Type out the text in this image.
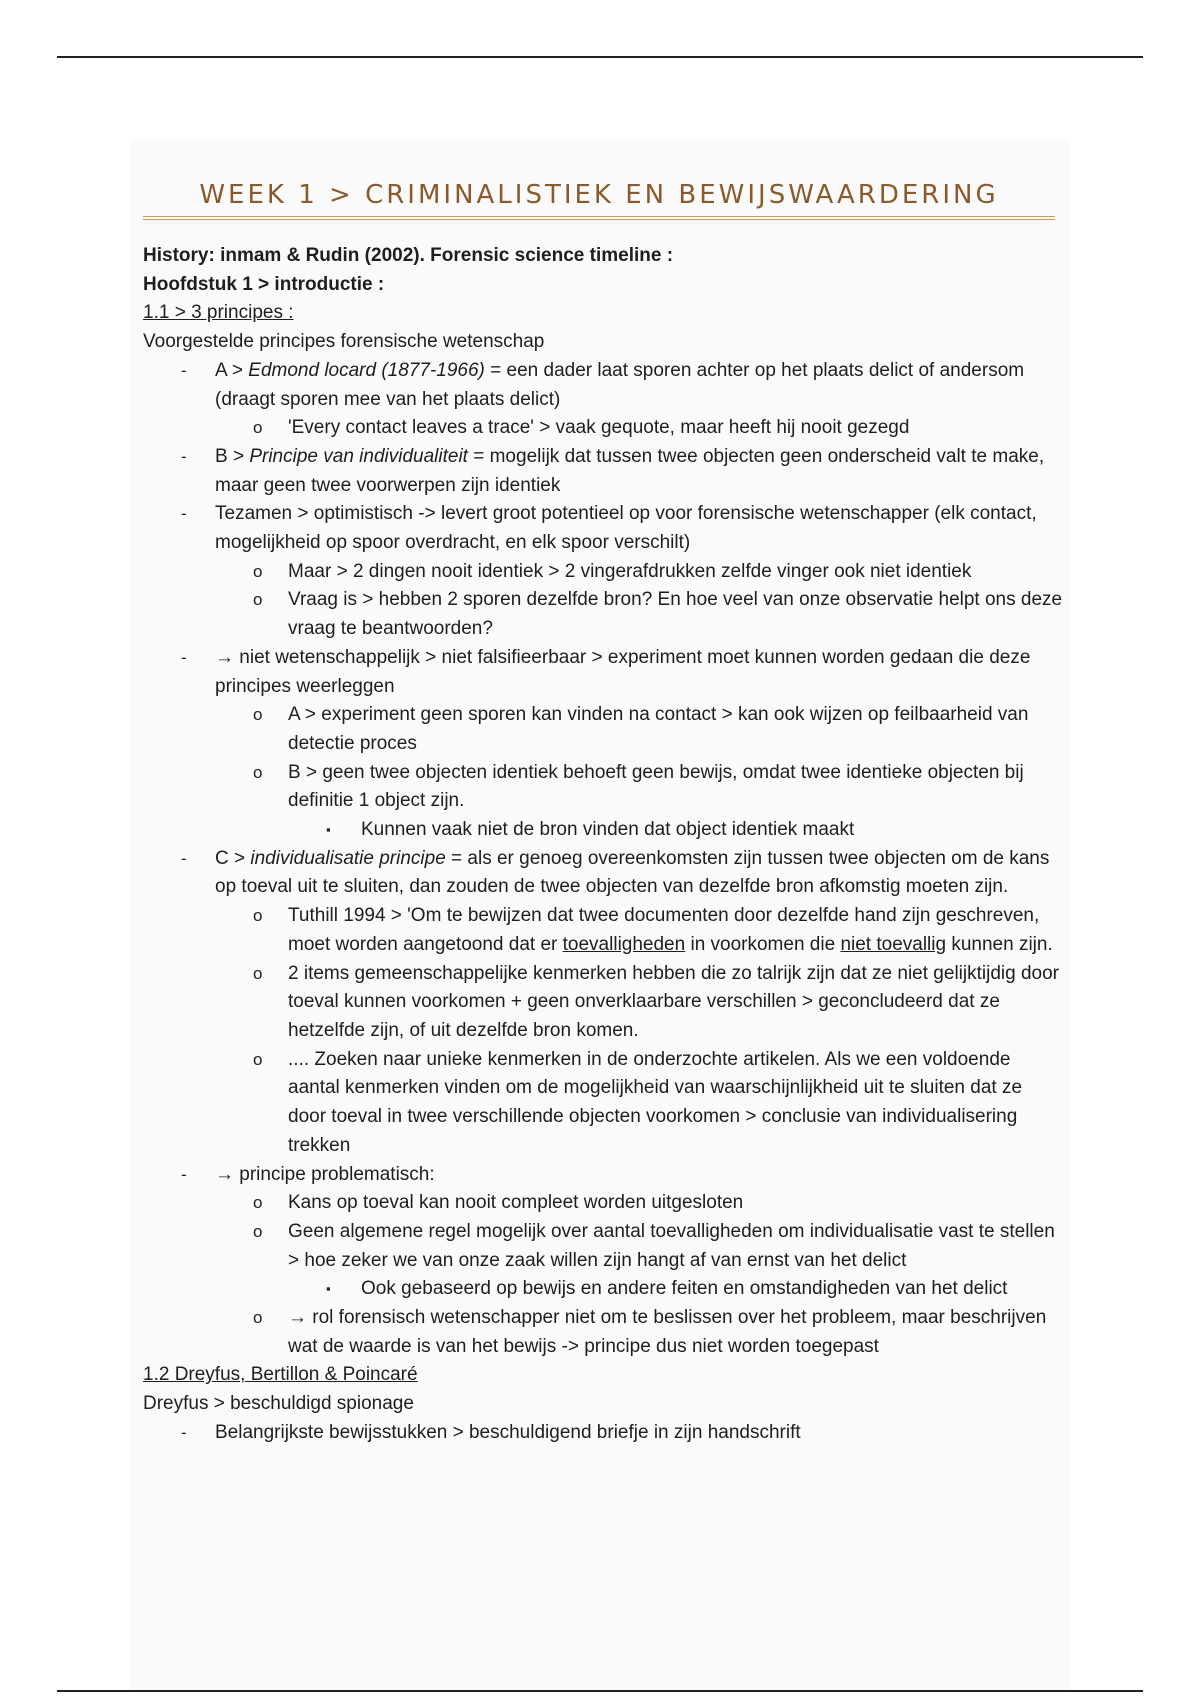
WEEK 1 > CRIMINALISTIEK EN BEWIJSWAARDERING
History: inmam & Rudin (2002). Forensic science timeline :
Hoofdstuk 1 > introductie :
1.1 > 3 principes :
Voorgestelde principes forensische wetenschap
- A > Edmond locard (1877-1966) = een dader laat sporen achter op het plaats delict of andersom (draagt sporen mee van het plaats delict)
o 'Every contact leaves a trace' > vaak gequote, maar heeft hij nooit gezegd
- B > Principe van individualiteit = mogelijk dat tussen twee objecten geen onderscheid valt te make, maar geen twee voorwerpen zijn identiek
- Tezamen > optimistisch -> levert groot potentieel op voor forensische wetenschapper (elk contact, mogelijkheid op spoor overdracht, en elk spoor verschilt)
o Maar > 2 dingen nooit identiek > 2 vingerafdrukken zelfde vinger ook niet identiek
o Vraag is > hebben 2 sporen dezelfde bron? En hoe veel van onze observatie helpt ons deze vraag te beantwoorden?
- → niet wetenschappelijk > niet falsifieerbaar > experiment moet kunnen worden gedaan die deze principes weerleggen
o A > experiment geen sporen kan vinden na contact > kan ook wijzen op feilbaarheid van detectie proces
o B > geen twee objecten identiek behoeft geen bewijs, omdat twee identieke objecten bij definitie 1 object zijn.
▪ Kunnen vaak niet de bron vinden dat object identiek maakt
- C > individualisatie principe = als er genoeg overeenkomsten zijn tussen twee objecten om de kans op toeval uit te sluiten, dan zouden de twee objecten van dezelfde bron afkomstig moeten zijn.
o Tuthill 1994 > 'Om te bewijzen dat twee documenten door dezelfde hand zijn geschreven, moet worden aangetoond dat er toevalligheden in voorkomen die niet toevallig kunnen zijn.
o 2 items gemeenschappelijke kenmerken hebben die zo talrijk zijn dat ze niet gelijktijdig door toeval kunnen voorkomen + geen onverklaarbare verschillen > geconcludeerd dat ze hetzelfde zijn, of uit dezelfde bron komen.
o .... Zoeken naar unieke kenmerken in de onderzochte artikelen. Als we een voldoende aantal kenmerken vinden om de mogelijkheid van waarschijnlijkheid uit te sluiten dat ze door toeval in twee verschillende objecten voorkomen > conclusie van individualisering trekken
- → principe problematisch:
o Kans op toeval kan nooit compleet worden uitgesloten
o Geen algemene regel mogelijk over aantal toevalligheden om individualisatie vast te stellen > hoe zeker we van onze zaak willen zijn hangt af van ernst van het delict
▪ Ook gebaseerd op bewijs en andere feiten en omstandigheden van het delict
o → rol forensisch wetenschapper niet om te beslissen over het probleem, maar beschrijven wat de waarde is van het bewijs -> principe dus niet worden toegepast
1.2 Dreyfus, Bertillon & Poincaré
Dreyfus > beschuldigd spionage
- Belangrijkste bewijsstukken > beschuldigend briefje in zijn handschrift
